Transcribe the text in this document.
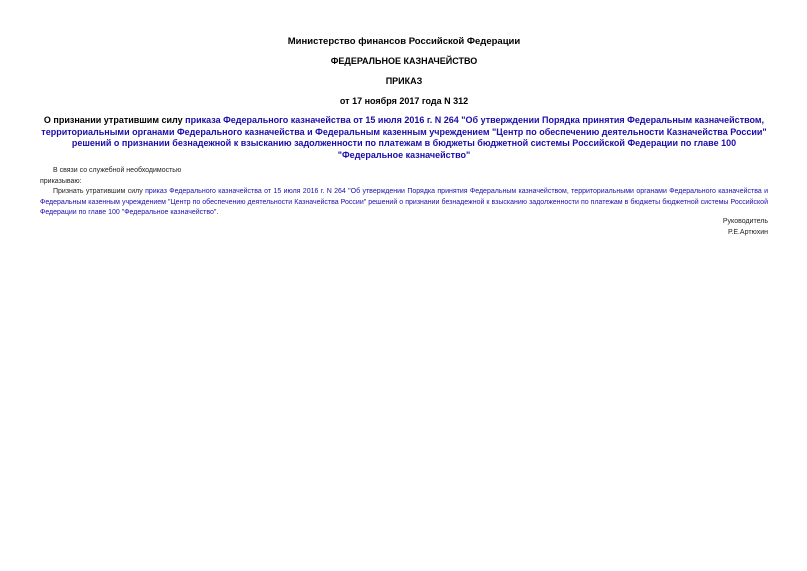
Министерство финансов Российской Федерации
ФЕДЕРАЛЬНОЕ КАЗНАЧЕЙСТВО
ПРИКАЗ
от 17 ноября 2017 года N 312
О признании утратившим силу приказа Федерального казначейства от 15 июля 2016 г. N 264 "Об утверждении Порядка принятия Федеральным казначейством, территориальными органами Федерального казначейства и Федеральным казенным учреждением "Центр по обеспечению деятельности Казначейства России" решений о признании безнадежной к взысканию задолженности по платежам в бюджеты бюджетной системы Российской Федерации по главе 100 "Федеральное казначейство"

В связи со служебной необходимостью

приказываю:

Признать утратившим силу приказ Федерального казначейства от 15 июля 2016 г. N 264 "Об утверждении Порядка принятия Федеральным казначейством, территориальными органами Федерального казначейства и Федеральным казенным учреждением "Центр по обеспечению деятельности Казначейства России" решений о признании безнадежной к взысканию задолженности по платежам в бюджеты бюджетной системы Российской Федерации по главе 100 "Федеральное казначейство".

Руководитель
Р.Е.Артюхин
